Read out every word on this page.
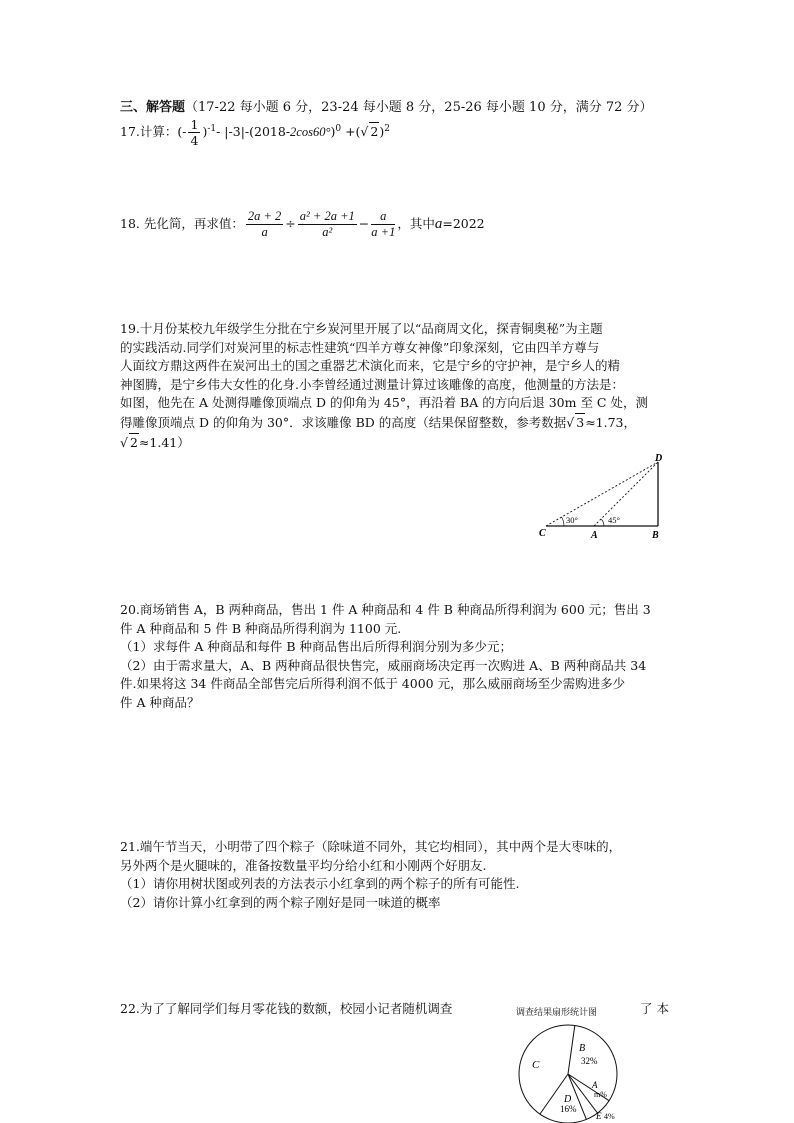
三、解答题（17-22 每小题 6 分，23-24 每小题 8 分，25-26 每小题 10 分，满分 72 分）
17.计算：(- $\frac{1}{4} )^{-1}-$ $|-3|-(2018-2\cos 60^\circ)^0$ +(√ 2)$^2$
18. 先化简，再求值： $\frac{2a + 2}{a} \div \frac{\text{a² + 2a +1}}{\text{a²}} - \frac{a}{a +1}$ ，其中a=2022
19.十月份某校九年级学生分批在宁乡炭河里开展了以“品商周文化，探青铜奥秘”为主题
的实践活动.同学们对炭河里的标志性建筑“四羊方尊女神像”印象深刻，它由四羊方尊与
人面纹方鼎这两件在炭河出土的国之重器艺术演化而来，它是宁乡的守护神，是宁乡人的精
神图腾，是宁乡伟大女性的化身.小李曾经通过测量计算过该雕像的高度，他测量的方法是：
如图，他先在 A 处测得雕像顶端点 D 的仰角为 45°，再沿着 BA 的方向后退 30m 至 C 处，测
得雕像顶端点 D 的仰角为 30°．求该雕像 BD 的高度（结果保留整数，参考数据√ 3≈1.73，
√ 2≈1.41）
30°	45°
D
C	A	B
20.商场销售 A，B 两种商品，售出 1 件 A 种商品和 4 件 B 种商品所得利润为 600 元；售出 3
件 A 种商品和 5 件 B 种商品所得利润为 1100 元.
（1）求每件 A 种商品和每件 B 种商品售出后所得利润分别为多少元；
（2）由于需求量大，A、B 两种商品很快售完，威丽商场决定再一次购进 A、B 两种商品共 34
件.如果将这 34 件商品全部售完后所得利润不低于 4000 元，那么威丽商场至少需购进多少
件 A 种商品？
21.端午节当天，小明带了四个粽子（除味道不同外，其它均相同），其中两个是大枣味的，
另外两个是火腿味的，准备按数量平均分给小红和小刚两个好朋友.
（1）请你用树状图或列表的方法表示小红拿到的两个粽子的所有可能性.
（2）请你计算小红拿到的两个粽子刚好是同一味道的概率
22.为了了解同学们每月零花钱的数额，校园小记者随机调查	了 本
调查结果扇形统计图
C
B
32%
A
m%
D
16%
E 4%
